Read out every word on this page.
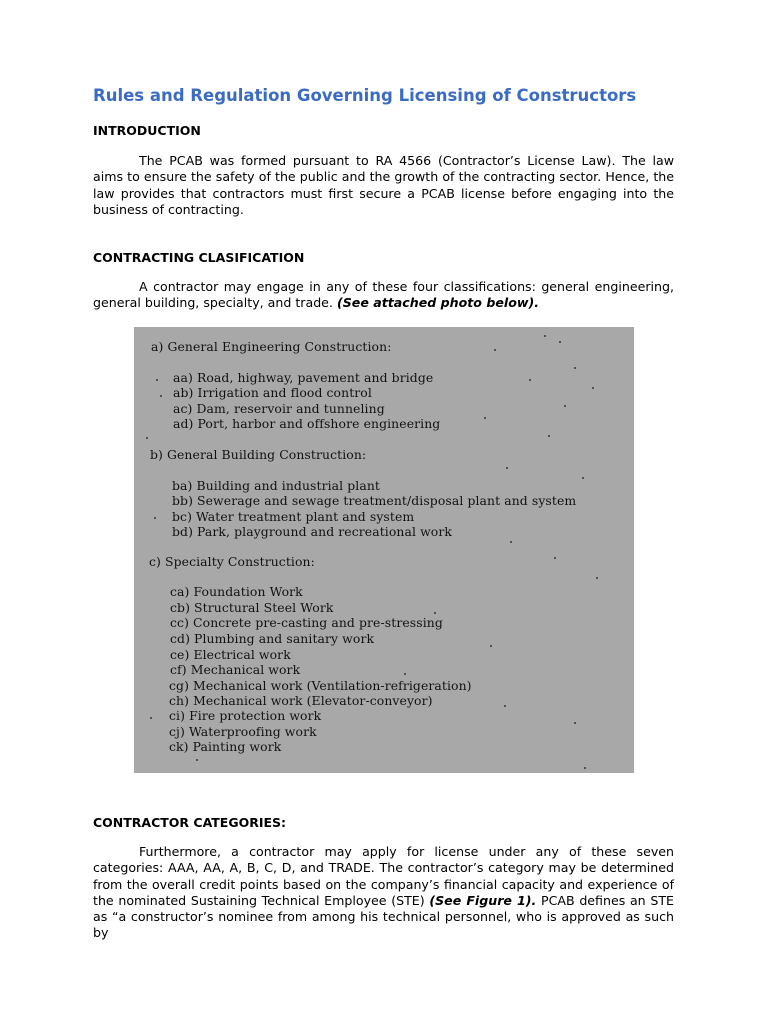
Rules and Regulation Governing Licensing of Constructors
INTRODUCTION

The PCAB was formed pursuant to RA 4566 (Contractor’s License Law). The law aims to ensure the safety of the public and the growth of the contracting sector. Hence, the law provides that contractors must first secure a PCAB license before engaging into the business of contracting.

CONTRACTING CLASIFICATION

A contractor may engage in any of these four classifications: general engineering, general building, specialty, and trade. (See attached photo below).

a) General Engineering Construction:
aa) Road, highway, pavement and bridge
ab) Irrigation and flood control
ac) Dam, reservoir and tunneling
ad) Port, harbor and offshore engineering
b) General Building Construction:
ba) Building and industrial plant
bb) Sewerage and sewage treatment/disposal plant and system
bc) Water treatment plant and system
bd) Park, playground and recreational work
c) Specialty Construction:
ca) Foundation Work
cb) Structural Steel Work
cc) Concrete pre-casting and pre-stressing
cd) Plumbing and sanitary work
ce) Electrical work
cf) Mechanical work
cg) Mechanical work (Ventilation-refrigeration)
ch) Mechanical work (Elevator-conveyor)
ci) Fire protection work
cj) Waterproofing work
ck) Painting work
CONTRACTOR CATEGORIES:

Furthermore, a contractor may apply for license under any of these seven categories: AAA, AA, A, B, C, D, and TRADE. The contractor’s category may be determined from the overall credit points based on the company’s financial capacity and experience of the nominated Sustaining Technical Employee (STE) (See Figure 1). PCAB defines an STE as “a constructor’s nominee from among his technical personnel, who is approved as such by
